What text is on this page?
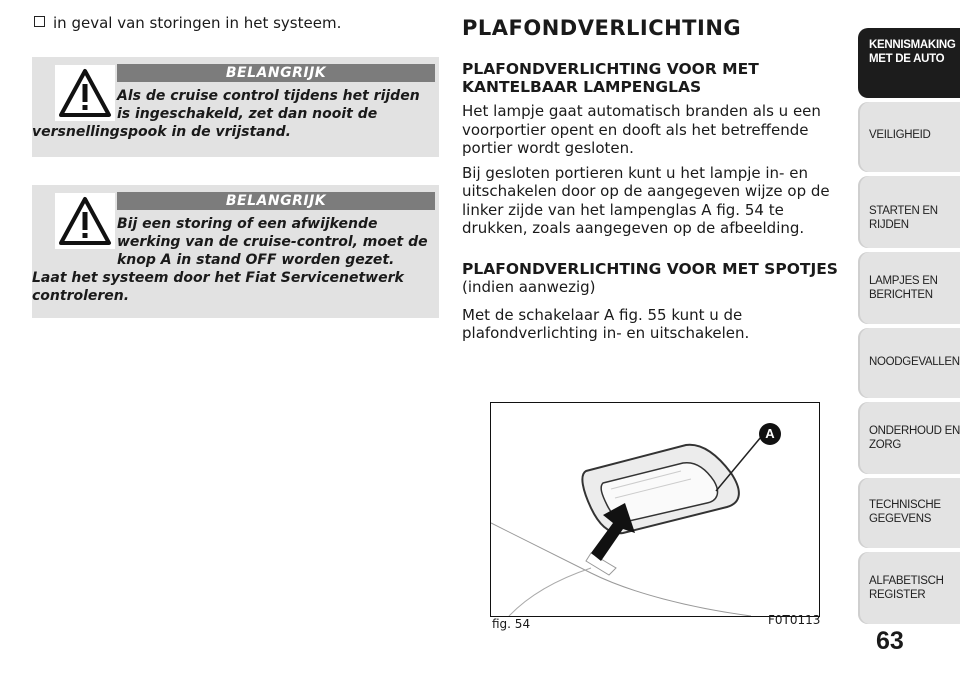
in geval van storingen in het systeem.
BELANGRIJK
Als de cruise control tijdens het rijden is ingeschakeld, zet dan nooit de versnellingspook in de vrijstand.
BELANGRIJK
Bij een storing of een afwijkende werking van de cruise-control, moet de knop A in stand OFF worden gezet. Laat het systeem door het Fiat Servicenetwerk controleren.
PLAFONDVERLICHTING
PLAFONDVERLICHTING VOOR MET KANTELBAAR LAMPENGLAS

Het lampje gaat automatisch branden als u een voorportier opent en dooft als het betreffende portier wordt gesloten.

Bij gesloten portieren kunt u het lampje in- en uitschakelen door op de aangegeven wijze op de linker zijde van het lampenglas A fig. 54 te drukken, zoals aangegeven op de afbeelding.

PLAFONDVERLICHTING VOOR MET SPOTJES

(indien aanwezig)

Met de schakelaar A fig. 55 kunt u de plafondverlichting in- en uitschakelen.

A
fig. 54	F0T0113
KENNISMAKING
MET DE AUTO
VEILIGHEID
STARTEN EN RIJDEN
LAMPJES EN
BERICHTEN
NOODGEVALLEN
ONDERHOUD EN
ZORG
TECHNISCHE
GEGEVENS
ALFABETISCH
REGISTER
63
